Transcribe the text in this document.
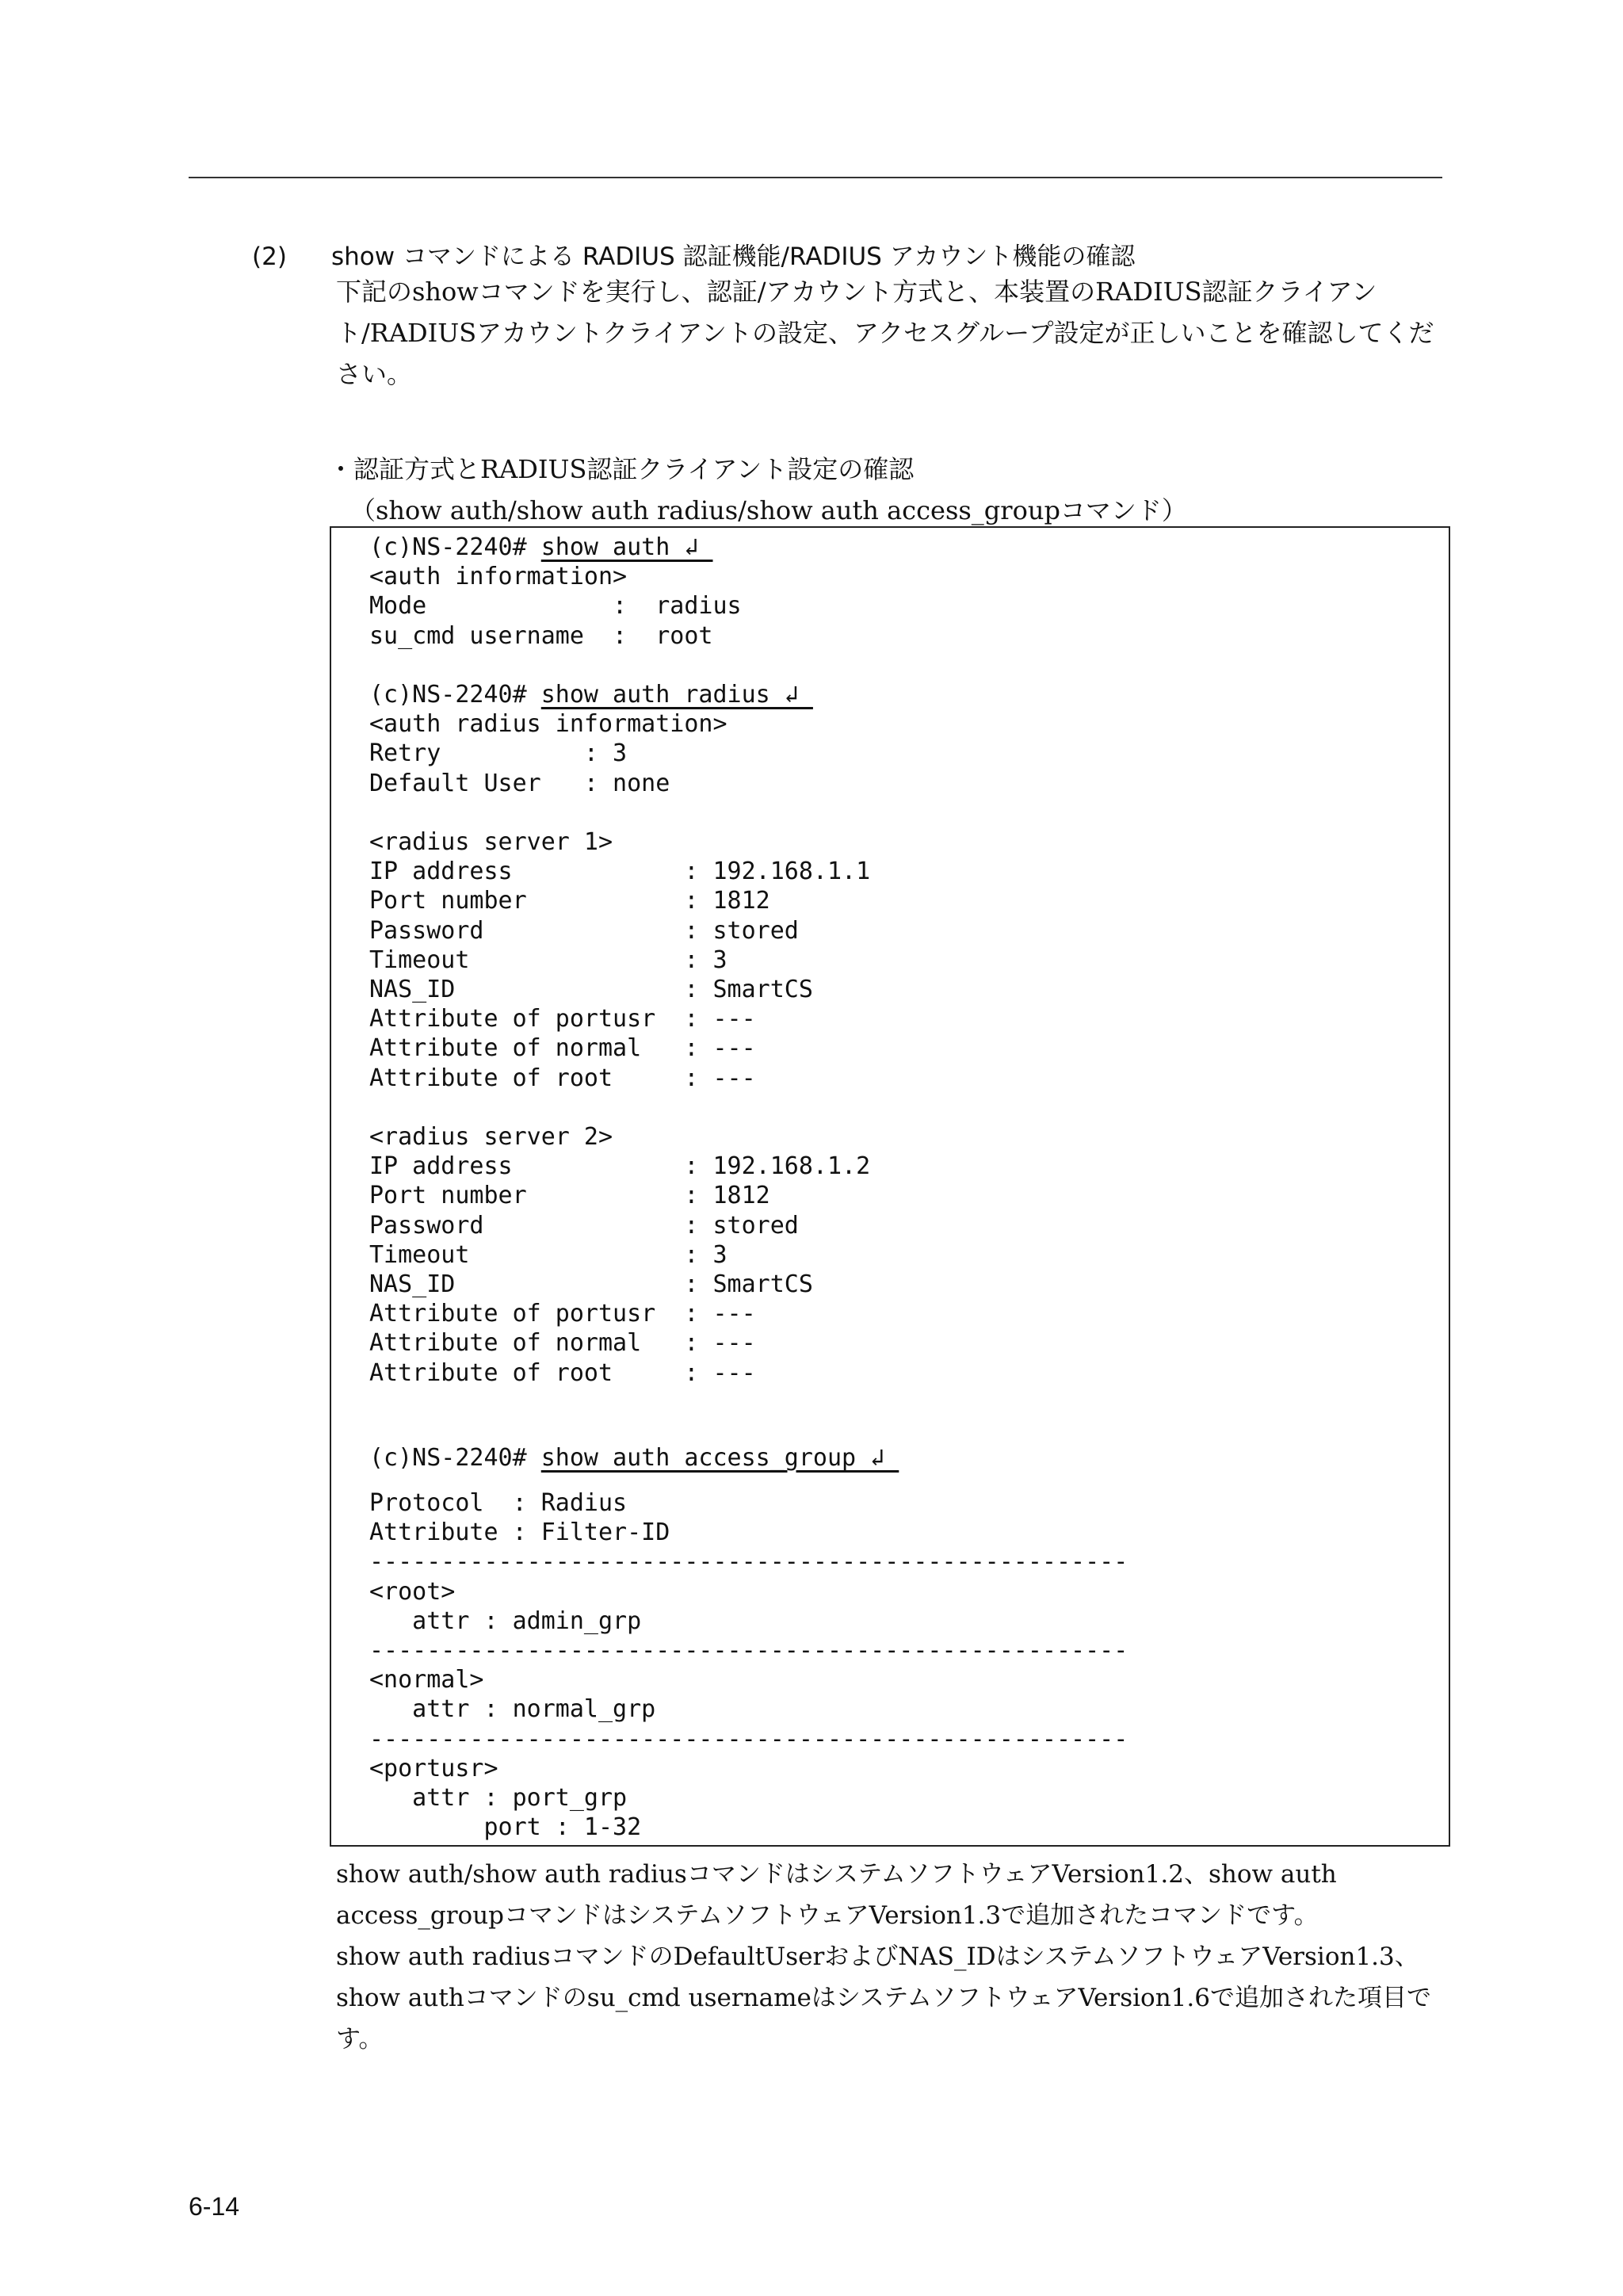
(2) show コマンドによる RADIUS 認証機能/RADIUS アカウント機能の確認
下記のshowコマンドを実行し、認証/アカウント方式と、本装置のRADIUS認証クライアント/RADIUSアカウントクライアントの設定、アクセスグループ設定が正しいことを確認してください。
・認証方式とRADIUS認証クライアント設定の確認
（show auth/show auth radius/show auth access_groupコマンド）
(c)NS-2240# show auth ↲
<auth information>
Mode             :  radius
su_cmd username  :  root
(c)NS-2240# show auth radius ↲
<auth radius information>
Retry          : 3
Default User   : none
<radius server 1>
IP address            : 192.168.1.1
Port number           : 1812
Password              : stored
Timeout               : 3
NAS_ID                : SmartCS
Attribute of portusr  : ---
Attribute of normal   : ---
Attribute of root     : ---
<radius server 2>
IP address            : 192.168.1.2
Port number           : 1812
Password              : stored
Timeout               : 3
NAS_ID                : SmartCS
Attribute of portusr  : ---
Attribute of normal   : ---
Attribute of root     : ---
(c)NS-2240# show auth access_group ↲
Protocol  : Radius
Attribute : Filter-ID
-----------------------------------------------------
<root>
attr : admin_grp
-----------------------------------------------------
<normal>
attr : normal_grp
-----------------------------------------------------
<portusr>
attr : port_grp
port : 1-32

show auth/show auth radiusコマンドはシステムソフトウェアVersion1.2、show auth access_groupコマンドはシステムソフトウェアVersion1.3で追加されたコマンドです。

show auth radiusコマンドのDefaultUserおよびNAS_IDはシステムソフトウェアVersion1.3、show authコマンドのsu_cmd usernameはシステムソフトウェアVersion1.6で追加された項目です。

6-14
